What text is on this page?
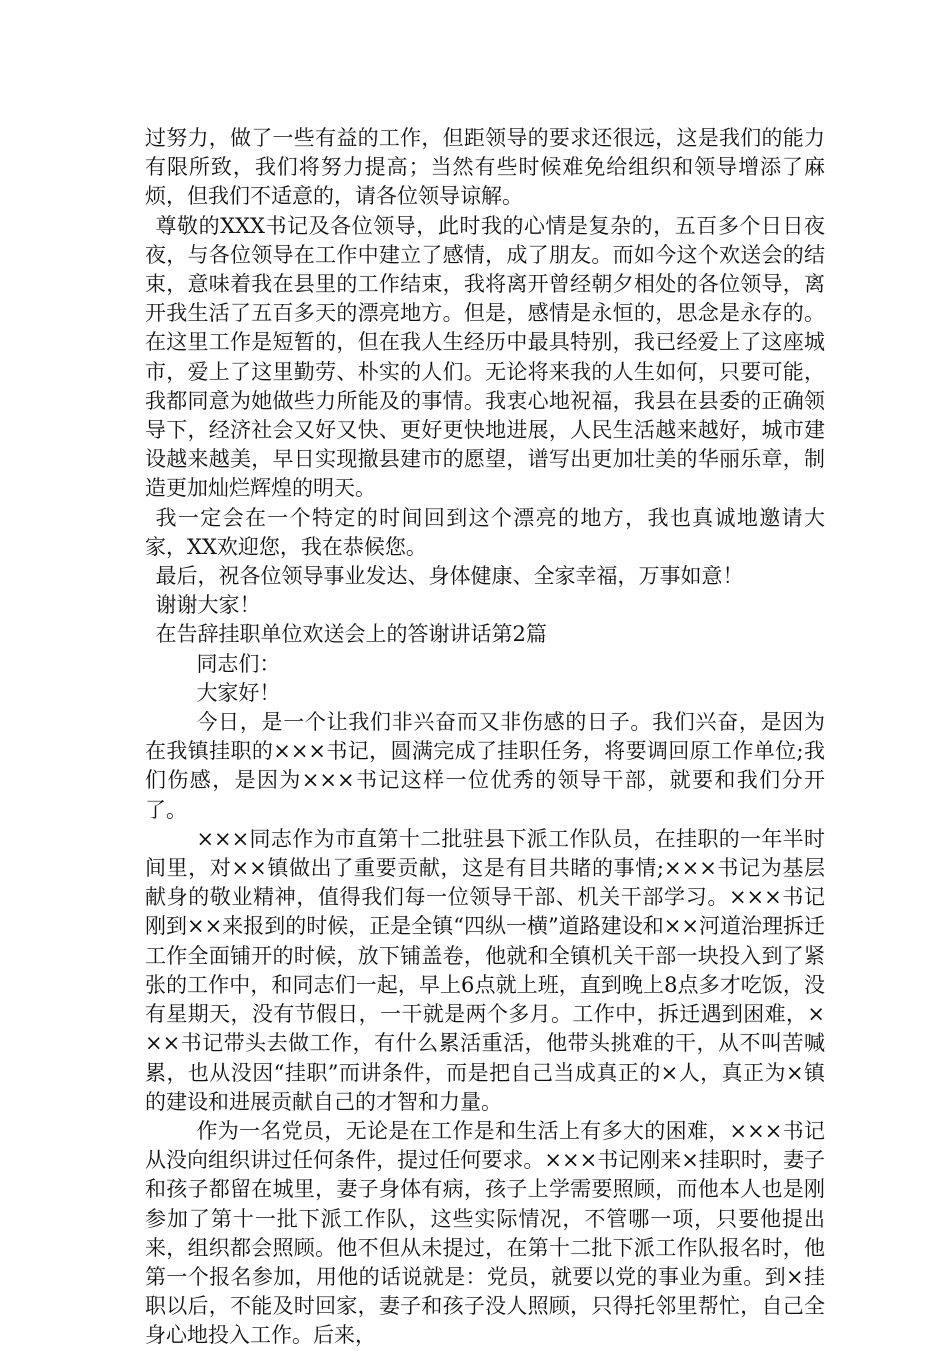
过努力，做了一些有益的工作，但距领导的要求还很远，这是我们的能力有限所致，我们将努力提高；当然有些时候难免给组织和领导增添了麻烦，但我们不适意的，请各位领导谅解。

尊敬的XXX书记及各位领导，此时我的心情是复杂的，五百多个日日夜夜，与各位领导在工作中建立了感情，成了朋友。而如今这个欢送会的结束，意味着我在县里的工作结束，我将离开曾经朝夕相处的各位领导，离开我生活了五百多天的漂亮地方。但是，感情是永恒的，思念是永存的。在这里工作是短暂的，但在我人生经历中最具特别，我已经爱上了这座城市，爱上了这里勤劳、朴实的人们。无论将来我的人生如何，只要可能，我都同意为她做些力所能及的事情。我衷心地祝福，我县在县委的正确领导下，经济社会又好又快、更好更快地进展，人民生活越来越好，城市建设越来越美，早日实现撤县建市的愿望，谱写出更加壮美的华丽乐章，制造更加灿烂辉煌的明天。

我一定会在一个特定的时间回到这个漂亮的地方，我也真诚地邀请大家，XX欢迎您，我在恭候您。

最后，祝各位领导事业发达、身体健康、全家幸福，万事如意！

谢谢大家！

在告辞挂职单位欢送会上的答谢讲话第2篇

同志们：

大家好！

今日，是一个让我们非兴奋而又非伤感的日子。我们兴奋，是因为在我镇挂职的×××书记，圆满完成了挂职任务，将要调回原工作单位;我们伤感，是因为×××书记这样一位优秀的领导干部，就要和我们分开了。

×××同志作为市直第十二批驻县下派工作队员，在挂职的一年半时间里，对××镇做出了重要贡献，这是有目共睹的事情;×××书记为基层献身的敬业精神，值得我们每一位领导干部、机关干部学习。×××书记刚到××来报到的时候，正是全镇“四纵一横”道路建设和××河道治理拆迁工作全面铺开的时候，放下铺盖卷，他就和全镇机关干部一块投入到了紧张的工作中，和同志们一起，早上6点就上班，直到晚上8点多才吃饭，没有星期天，没有节假日，一干就是两个多月。工作中，拆迁遇到困难，×××书记带头去做工作，有什么累活重活，他带头挑难的干，从不叫苦喊累，也从没因“挂职”而讲条件，而是把自己当成真正的×人，真正为×镇的建设和进展贡献自己的才智和力量。

作为一名党员，无论是在工作是和生活上有多大的困难，×××书记从没向组织讲过任何条件，提过任何要求。×××书记刚来×挂职时，妻子和孩子都留在城里，妻子身体有病，孩子上学需要照顾，而他本人也是刚参加了第十一批下派工作队，这些实际情况，不管哪一项，只要他提出来，组织都会照顾。他不但从未提过，在第十二批下派工作队报名时，他第一个报名参加，用他的话说就是：党员，就要以党的事业为重。到×挂职以后，不能及时回家，妻子和孩子没人照顾，只得托邻里帮忙，自己全身心地投入工作。后来，
